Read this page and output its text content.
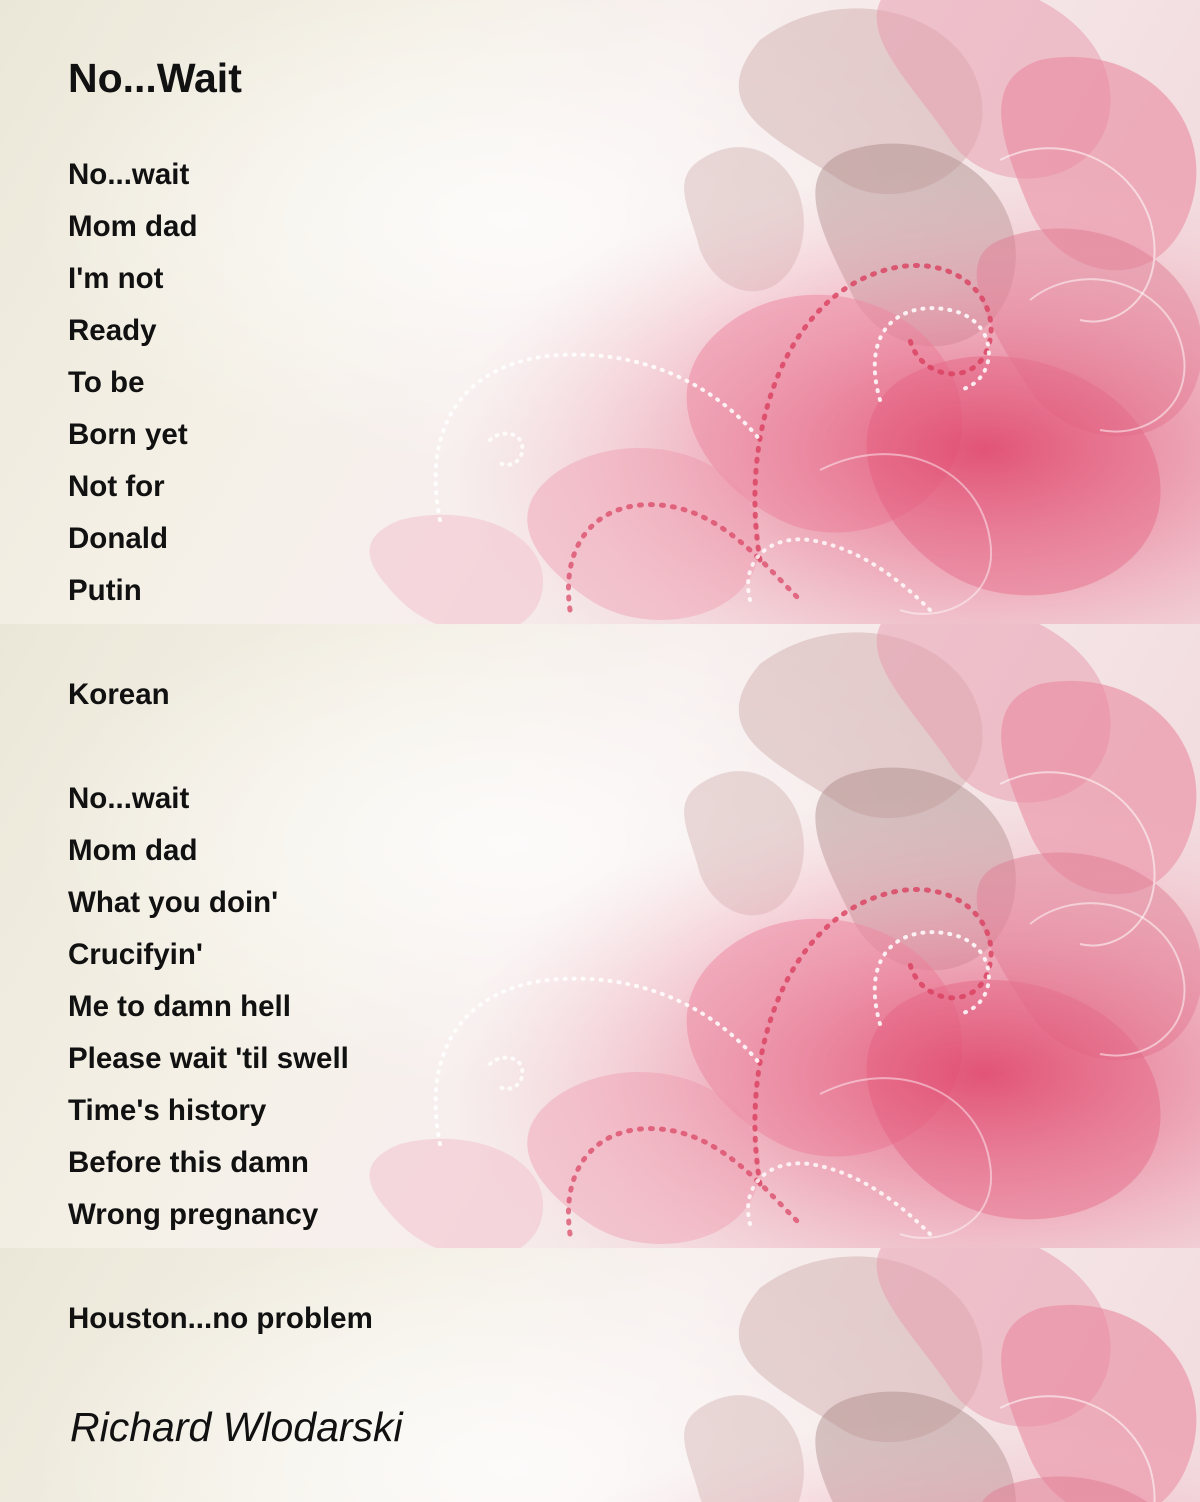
No...Wait

No...wait

Mom dad

I'm not

Ready

To be

Born yet

Not for

Donald

Putin

Korean

No...wait

Mom dad

What you doin'

Crucifyin'

Me to damn hell

Please wait 'til swell

Time's history

Before this damn

Wrong pregnancy

Houston...no problem

Richard Wlodarski
